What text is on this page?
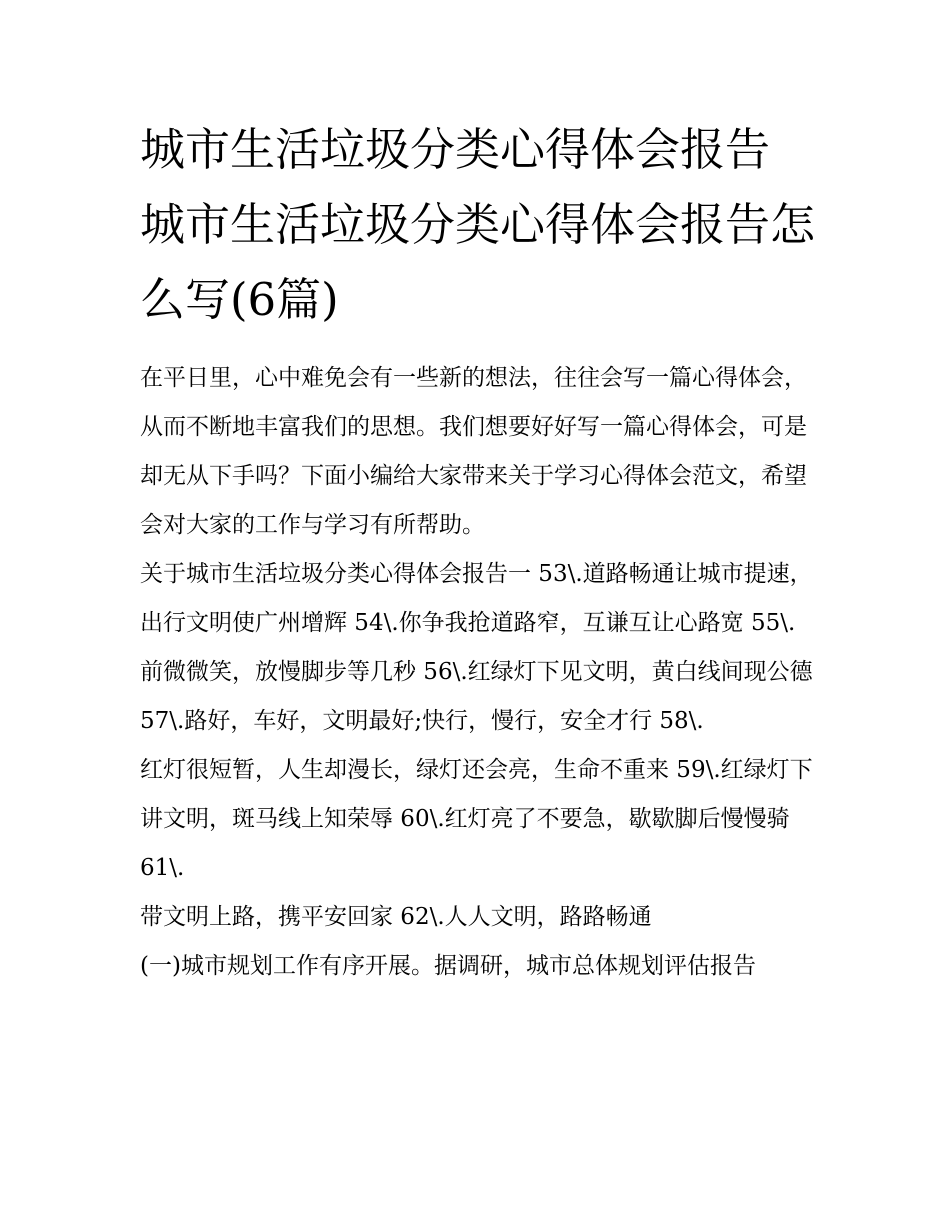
城市生活垃圾分类心得体会报告 城市生活垃圾分类心得体会报告怎么写(6篇)

在平日里，心中难免会有一些新的想法，往往会写一篇心得体会，从而不断地丰富我们的思想。我们想要好好写一篇心得体会，可是却无从下手吗？下面小编给大家带来关于学习心得体会范文，希望会对大家的工作与学习有所帮助。

关于城市生活垃圾分类心得体会报告一 53\.道路畅通让城市提速，出行文明使广州增辉 54\.你争我抢道路窄，互谦互让心路宽 55\.

前微微笑，放慢脚步等几秒 56\.红绿灯下见文明，黄白线间现公德 57\.路好，车好，文明最好;快行，慢行，安全才行 58\.

红灯很短暂，人生却漫长，绿灯还会亮，生命不重来 59\.红绿灯下讲文明，斑马线上知荣辱 60\.红灯亮了不要急，歇歇脚后慢慢骑 61\.

带文明上路，携平安回家 62\.人人文明，路路畅通

(一)城市规划工作有序开展。据调研，城市总体规划评估报告
